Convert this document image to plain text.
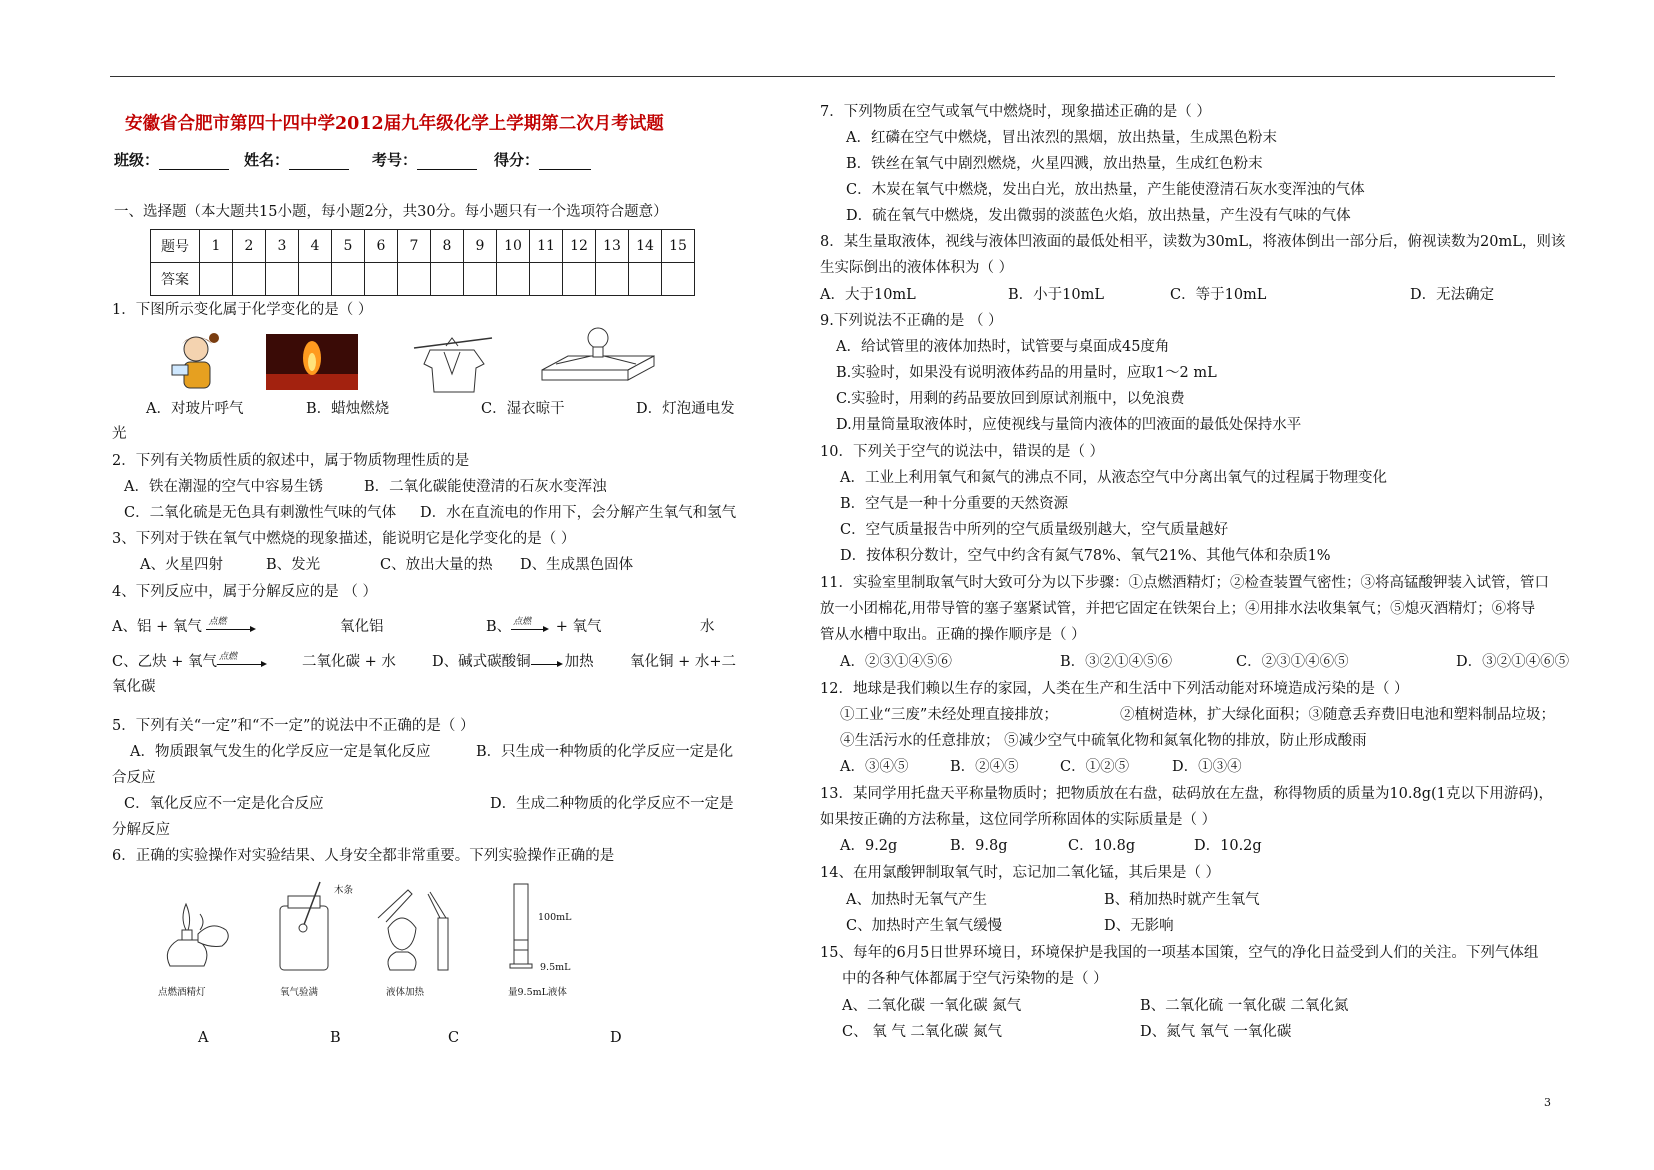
安徽省合肥市第四十四中学2012届九年级化学上学期第二次月考试题
班级：	姓名：	考号：	得分：
一、选择题（本大题共15小题，每小题2分，共30分。每小题只有一个选项符合题意）
题号	1	2	3	4	5	6	7	8	9	10	11	12	13	14	15
答案															
1．下图所示变化属于化学变化的是（ ）
A．对玻片呼气	B．蜡烛燃烧	C．湿衣晾干	D．灯泡通电发
光
2．下列有关物质性质的叙述中，属于物质物理性质的是
A．铁在潮湿的空气中容易生锈	B．二氧化碳能使澄清的石灰水变浑浊
C．二氧化硫是无色具有刺激性气味的气体 D．水在直流电的作用下，会分解产生氧气和氢气
3、下列对于铁在氧气中燃烧的现象描述，能说明它是化学变化的是（ ）
A、火星四射	B、发光	C、放出大量的热 D、生成黑色固体
4、下列反应中，属于分解反应的是 （ ）
A、铝 + 氧气 点燃	氧化铝	B、 点燃 + 氧气	水
C、乙炔 + 氧气 点燃	二氧化碳 + 水 D、碱式碳酸铜 加热	氧化铜 + 水+二
氧化碳
5．下列有关“一定”和“不一定”的说法中不正确的是（ ）
A．物质跟氧气发生的化学反应一定是氧化反应	B．只生成一种物质的化学反应一定是化
合反应
C．氧化反应不一定是化合反应	D．生成二种物质的化学反应不一定是
分解反应
6．正确的实验操作对实验结果、人身安全都非常重要。下列实验操作正确的是
木条
100mL
9.5mL
点燃酒精灯	氧气验满	液体加热	量9.5mL液体
A	B	C	D
7．下列物质在空气或氧气中燃烧时，现象描述正确的是（ ）
A．红磷在空气中燃烧，冒出浓烈的黑烟，放出热量，生成黑色粉末
B．铁丝在氧气中剧烈燃烧，火星四溅，放出热量，生成红色粉末
C．木炭在氧气中燃烧，发出白光，放出热量，产生能使澄清石灰水变浑浊的气体
D．硫在氧气中燃烧，发出微弱的淡蓝色火焰，放出热量，产生没有气味的气体
8．某生量取液体，视线与液体凹液面的最低处相平，读数为30mL，将液体倒出一部分后，俯视读数为20mL，则该
生实际倒出的液体体积为（ ）
A．大于10mL	B．小于10mL	C．等于10mL	D．无法确定
9.下列说法不正确的是 （ ）
A．给试管里的液体加热时，试管要与桌面成45度角
B.实验时，如果没有说明液体药品的用量时，应取1～2 mL
C.实验时，用剩的药品要放回到原试剂瓶中，以免浪费
D.用量筒量取液体时，应使视线与量筒内液体的凹液面的最低处保持水平
10．下列关于空气的说法中，错误的是（ ）
A．工业上利用氧气和氮气的沸点不同，从液态空气中分离出氧气的过程属于物理变化
B．空气是一种十分重要的天然资源
C．空气质量报告中所列的空气质量级别越大，空气质量越好
D．按体积分数计，空气中约含有氮气78%、氧气21%、其他气体和杂质1%
11．实验室里制取氧气时大致可分为以下步骤：①点燃酒精灯；②检查装置气密性；③将高锰酸钾装入试管，管口
放一小团棉花,用带导管的塞子塞紧试管，并把它固定在铁架台上；④用排水法收集氧气；⑤熄灭酒精灯；⑥将导
管从水槽中取出。正确的操作顺序是（ ）
A．②③①④⑤⑥	B．③②①④⑤⑥	C．②③①④⑥⑤	D．③②①④⑥⑤
12．地球是我们赖以生存的家园，人类在生产和生活中下列活动能对环境造成污染的是（ ）
①工业“三废”未经处理直接排放；	②植树造林，扩大绿化面积；③随意丢弃费旧电池和塑料制品垃圾；
④生活污水的任意排放； ⑤减少空气中硫氧化物和氮氧化物的排放，防止形成酸雨
A．③④⑤	B．②④⑤	C．①②⑤	D．①③④
13．某同学用托盘天平称量物质时；把物质放在右盘，砝码放在左盘，称得物质的质量为10.8g(1克以下用游码)，
如果按正确的方法称量，这位同学所称固体的实际质量是（ ）
A．9.2g	B．9.8g	C．10.8g	D．10.2g
14、在用氯酸钾制取氧气时，忘记加二氧化锰，其后果是（ ）
A、加热时无氧气产生	B、稍加热时就产生氧气
C、加热时产生氧气缓慢	D、无影响
15、每年的6月5日世界环境日，环境保护是我国的一项基本国策，空气的净化日益受到人们的关注。下列气体组
中的各种气体都属于空气污染物的是（ ）
A、二氧化碳 一氧化碳 氮气	B、二氧化硫 一氧化碳 二氧化氮
C、 氧 气 二氧化碳 氮气	D、氮气 氧气 一氧化碳
3
